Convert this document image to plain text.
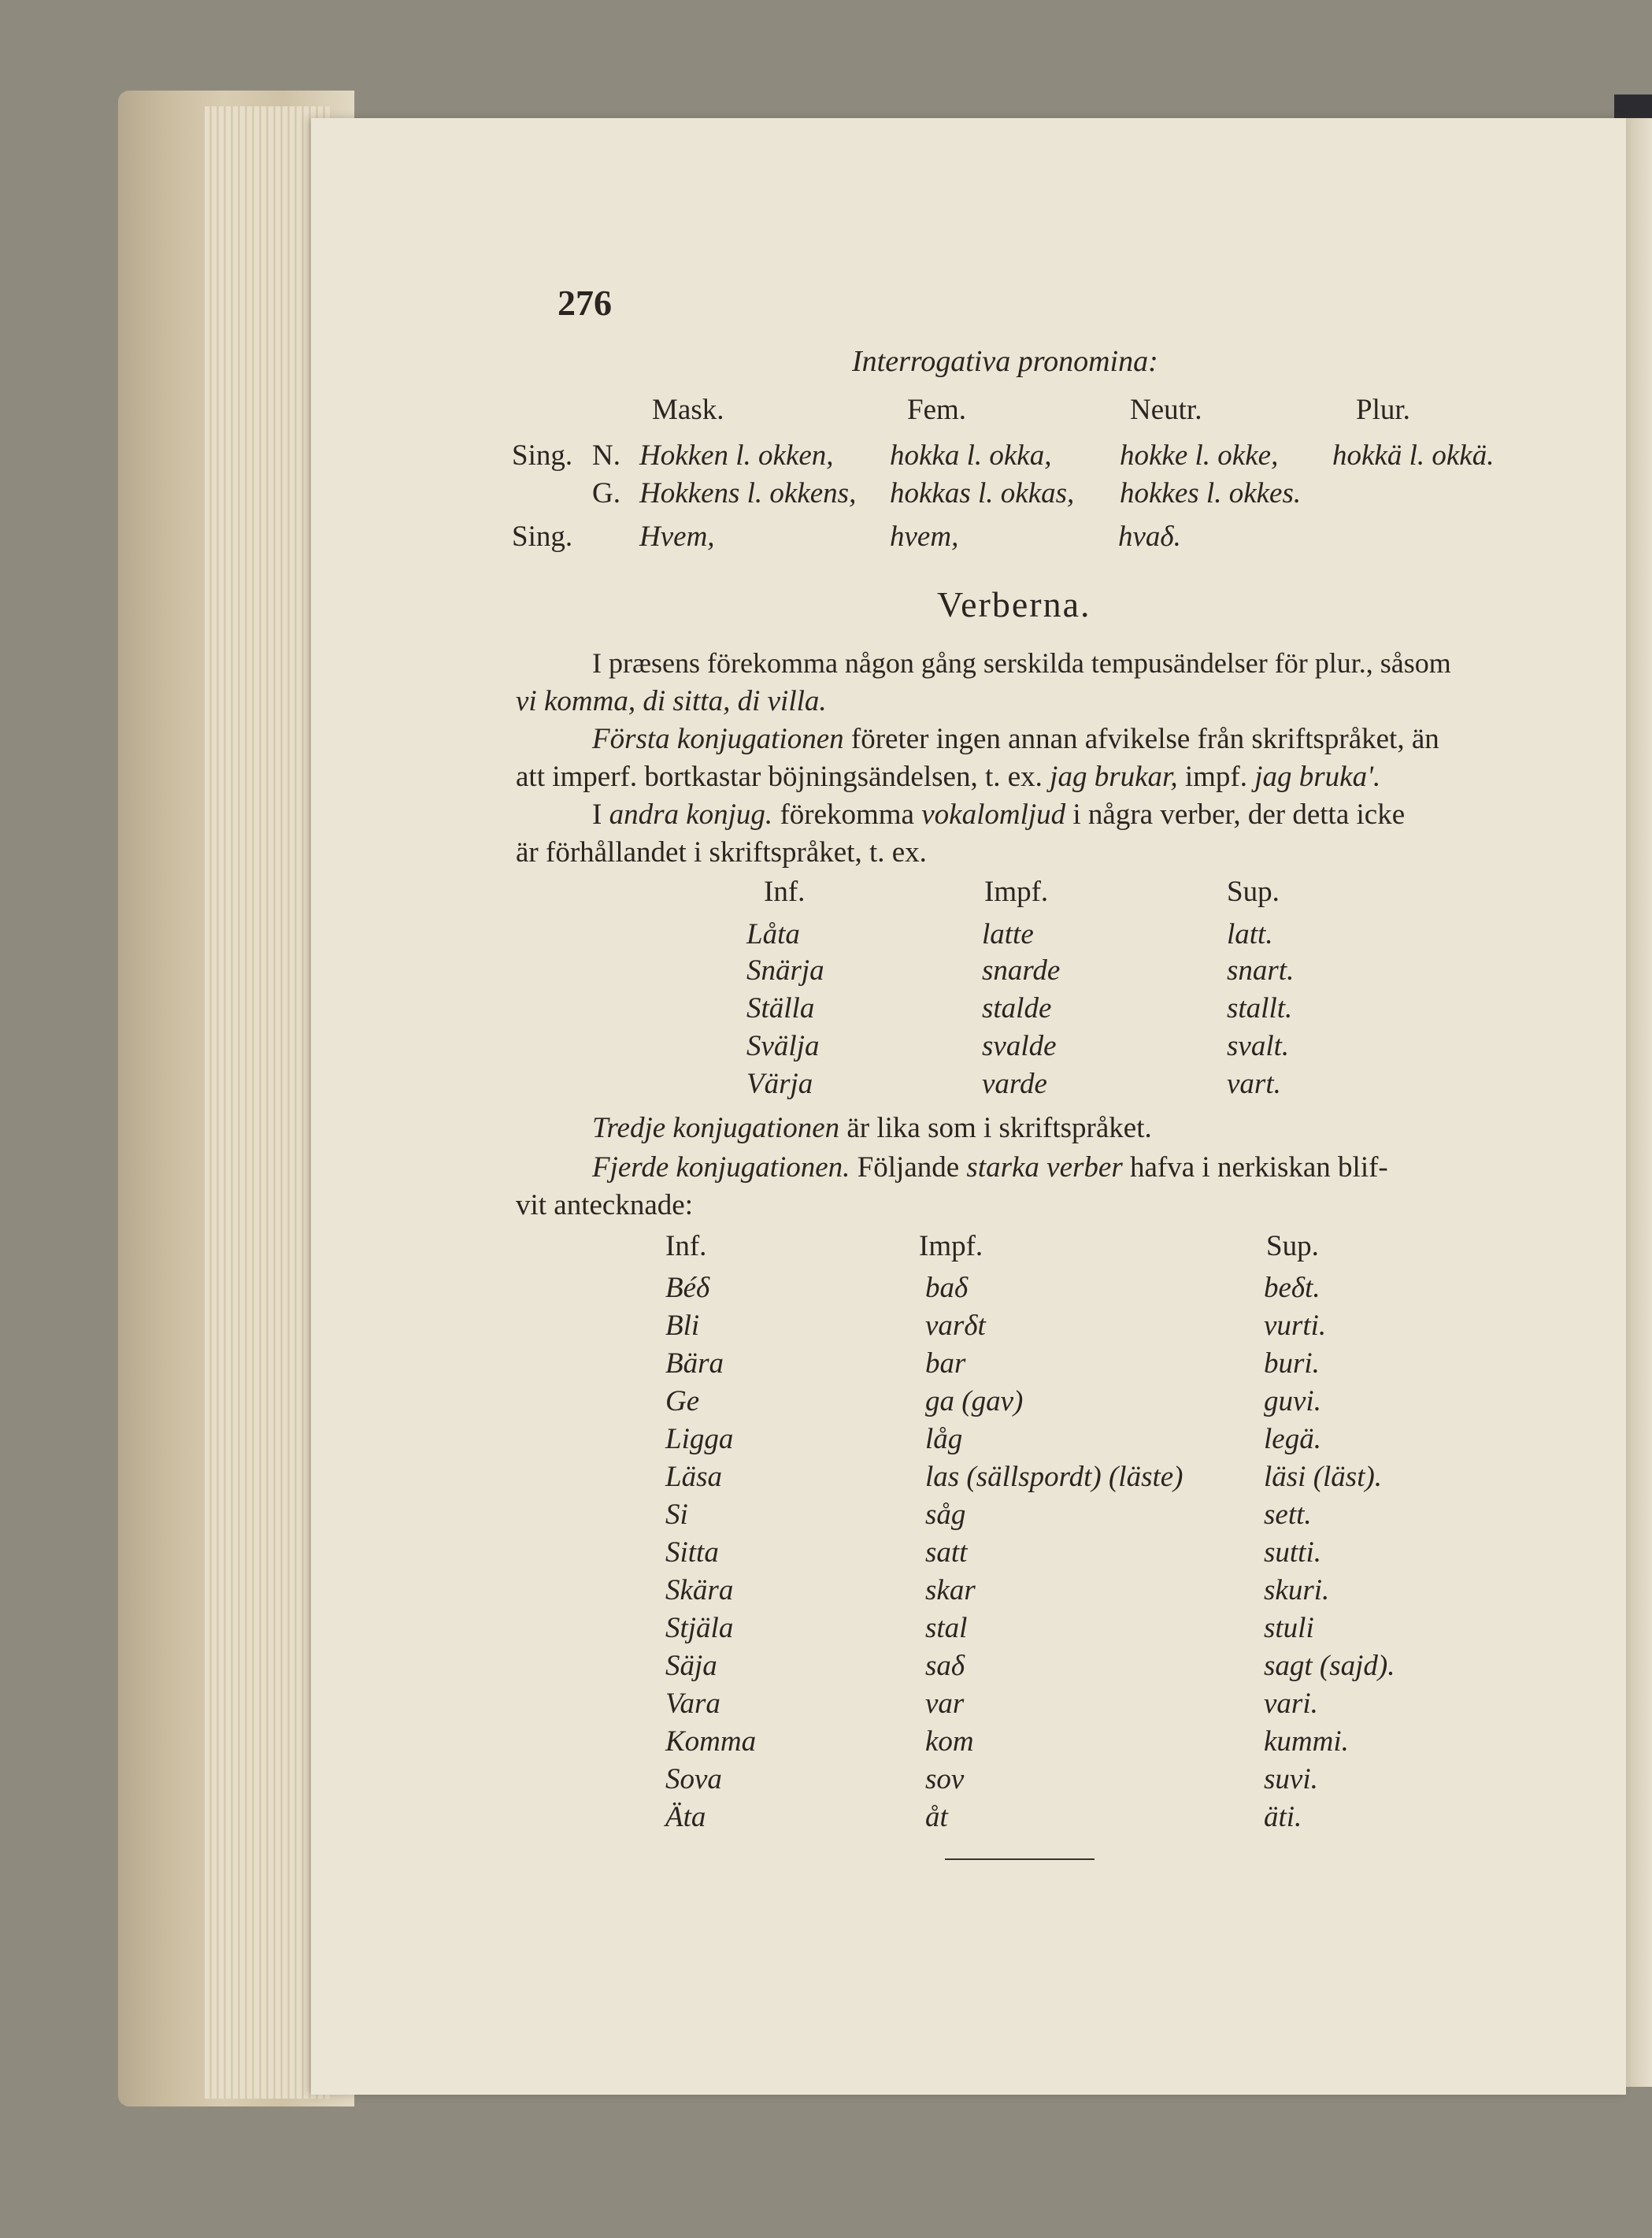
276
Interrogativa pronomina:
Mask.	Fem.	Neutr.	Plur.
Sing. N. Hokken l. okken, hokka l. okka, hokke l. okke, hokkä l. okkä.
G. Hokkens l. okkens, hokkas l. okkas, hokkes l. okkes.
Sing. Hvem,	hvem,	hvaδ.
Verberna.
I præsens förekomma någon gång serskilda tempusändelser för plur., såsom
vi komma, di sitta, di villa.
Första konjugationen företer ingen annan afvikelse från skriftspråket, än
att imperf. bortkastar böjningsändelsen, t. ex. jag brukar, impf. jag bruka'.
I andra konjug. förekomma vokalomljud i några verber, der detta icke
är förhållandet i skriftspråket, t. ex.
Inf.	Impf.	Sup.
Låta	latte	latt.
Snärja	snarde	snart.
Ställa	stalde	stallt.
Svälja	svalde	svalt.
Värja	varde	vart.
Tredje konjugationen är lika som i skriftspråket.
Fjerde konjugationen. Följande starka verber hafva i nerkiskan blif-
vit antecknade:
Inf.	Impf.	Sup.
Béδ	baδ	beδt.
Bli	varδt	vurti.
Bära	bar	buri.
Ge	ga (gav)	guvi.
Ligga	låg	legä.
Läsa	las (sällspordt) (läste)	läsi (läst).
Si	såg	sett.
Sitta	satt	sutti.
Skära	skar	skuri.
Stjäla	stal	stuli
Säja	saδ	sagt (sajd).
Vara	var	vari.
Komma	kom	kummi.
Sova	sov	suvi.
Äta	åt	äti.
